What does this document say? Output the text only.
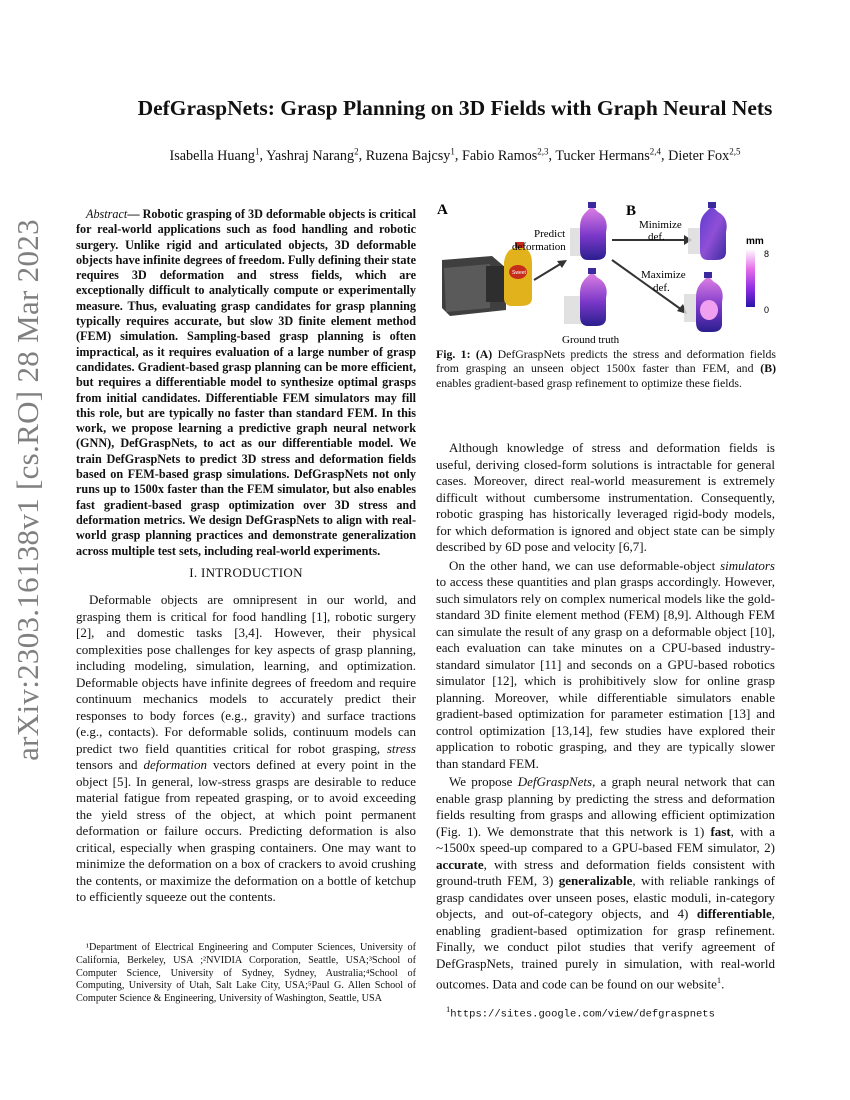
arXiv:2303.16138v1 [cs.RO] 28 Mar 2023
DefGraspNets: Grasp Planning on 3D Fields with Graph Neural Nets
Isabella Huang$^1$, Yashraj Narang$^2$, Ruzena Bajcsy$^1$, Fabio Ramos$^{2,3}$, Tucker Hermans$^{2,4}$, Dieter Fox$^{2,5}$
Abstract— Robotic grasping of 3D deformable objects is critical for real-world applications such as food handling and robotic surgery. Unlike rigid and articulated objects, 3D deformable objects have infinite degrees of freedom. Fully defining their state requires 3D deformation and stress fields, which are exceptionally difficult to analytically compute or experimentally measure. Thus, evaluating grasp candidates for grasp planning typically requires accurate, but slow 3D finite element method (FEM) simulation. Sampling-based grasp planning is often impractical, as it requires evaluation of a large number of grasp candidates. Gradient-based grasp planning can be more efficient, but requires a differentiable model to synthesize optimal grasps from initial candidates. Differentiable FEM simulators may fill this role, but are typically no faster than standard FEM. In this work, we propose learning a predictive graph neural network (GNN), DefGraspNets, to act as our differentiable model. We train DefGraspNets to predict 3D stress and deformation fields based on FEM-based grasp simulations. DefGraspNets not only runs up to 1500x faster than the FEM simulator, but also enables fast gradient-based grasp optimization over 3D stress and deformation metrics. We design DefGraspNets to align with real-world grasp planning practices and demonstrate generalization across multiple test sets, including real-world experiments.
I. INTRODUCTION

Deformable objects are omnipresent in our world, and grasping them is critical for food handling [1], robotic surgery [2], and domestic tasks [3,4]. However, their physical complexities pose challenges for key aspects of grasp planning, including modeling, simulation, learning, and optimization. Deformable objects have infinite degrees of freedom and require continuum mechanics models to accurately predict their responses to body forces (e.g., gravity) and surface tractions (e.g., contacts). For deformable solids, continuum models can predict two field quantities critical for robot grasping, stress tensors and deformation vectors defined at every point in the object [5]. In general, low-stress grasps are desirable to reduce material fatigue from repeated grasping, or to avoid exceeding the yield stress of the object, at which point permanent deformation or failure occurs. Predicting deformation is also critical, especially when grasping containers. One may want to minimize the deformation on a box of crackers to avoid crushing the contents, or maximize the deformation on a bottle of ketchup to efficiently squeeze out the contents.

¹Department of Electrical Engineering and Computer Sciences, University of California, Berkeley, USA ;²NVIDIA Corporation, Seattle, USA;³School of Computer Science, University of Sydney, Sydney, Australia;⁴School of Computing, University of Utah, Salt Lake City, USA;⁵Paul G. Allen School of Computer Science & Engineering, University of Washington, Seattle, USA

A	B
Sweet
Predict
deformation
Ground truth
Minimize
def.
Maximize
def.
mm
8
0
Fig. 1: (A) DefGraspNets predicts the stress and deformation fields from grasping an unseen object 1500x faster than FEM, and (B) enables gradient-based grasp refinement to optimize these fields.

Although knowledge of stress and deformation fields is useful, deriving closed-form solutions is intractable for general cases. Moreover, direct real-world measurement is extremely difficult without cumbersome instrumentation. Consequently, robotic grasping has historically leveraged rigid-body models, for which deformation is ignored and object state can be simply described by 6D pose and velocity [6,7].

On the other hand, we can use deformable-object simulators to access these quantities and plan grasps accordingly. However, such simulators rely on complex numerical models like the gold-standard 3D finite element method (FEM) [8,9]. Although FEM can simulate the result of any grasp on a deformable object [10], each evaluation can take minutes on a CPU-based industry-standard simulator [11] and seconds on a GPU-based robotics simulator [12], which is prohibitively slow for online grasp planning. Moreover, while differentiable simulators enable gradient-based optimization for parameter estimation [13] and control optimization [13,14], few studies have explored their application to robotic grasping, and they are typically slower than standard FEM.

We propose DefGraspNets, a graph neural network that can enable grasp planning by predicting the stress and deformation fields resulting from grasps and allowing efficient optimization (Fig. 1). We demonstrate that this network is 1) fast, with a ~1500x speed-up compared to a GPU-based FEM simulator, 2) accurate, with stress and deformation fields consistent with ground-truth FEM, 3) generalizable, with reliable rankings of grasp candidates over unseen poses, elastic moduli, in-category objects, and out-of-category objects, and 4) differentiable, enabling gradient-based optimization for grasp refinement. Finally, we conduct pilot studies that verify agreement of DefGraspNets, trained purely in simulation, with real-world outcomes. Data and code can be found on our website$^1$.

$^1$https://sites.google.com/view/defgraspnets
